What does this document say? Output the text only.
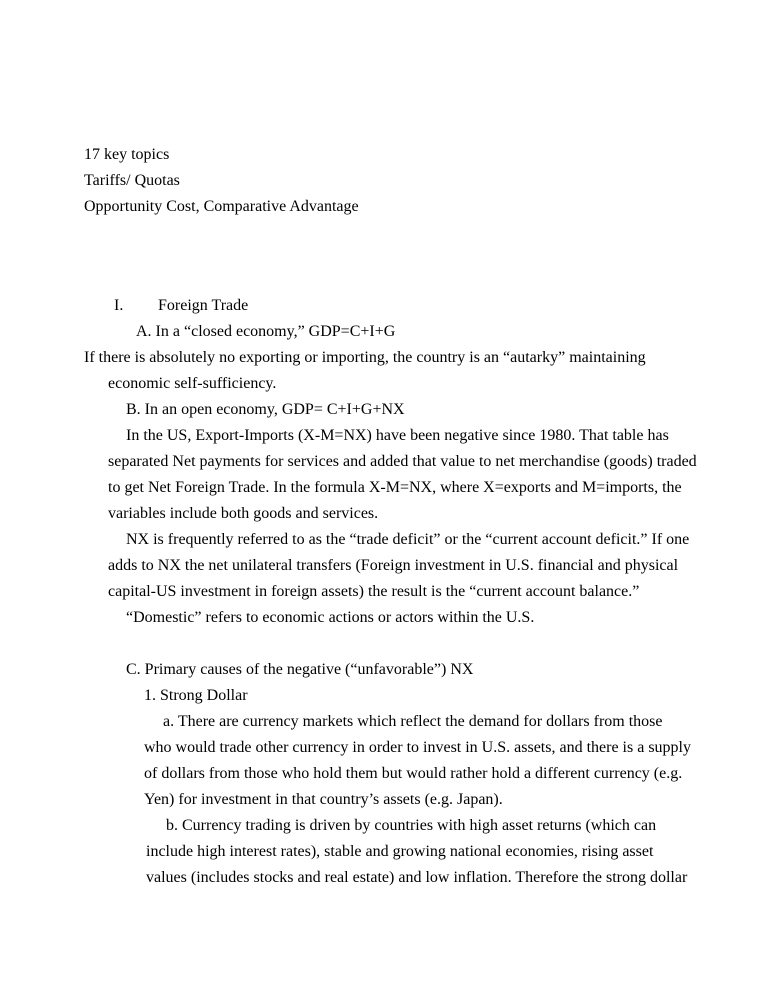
17 key topics
Tariffs/ Quotas
Opportunity Cost, Comparative Advantage
I. Foreign Trade
A. In a “closed economy,” GDP=C+I+G
If there is absolutely no exporting or importing, the country is an “autarky” maintaining
economic self-sufficiency.
B. In an open economy, GDP= C+I+G+NX
In the US, Export-Imports (X-M=NX) have been negative since 1980. That table has
separated Net payments for services and added that value to net merchandise (goods) traded
to get Net Foreign Trade. In the formula X-M=NX, where X=exports and M=imports, the
variables include both goods and services.
NX is frequently referred to as the “trade deficit” or the “current account deficit.” If one
adds to NX the net unilateral transfers (Foreign investment in U.S. financial and physical
capital-US investment in foreign assets) the result is the “current account balance.”
“Domestic” refers to economic actions or actors within the U.S.
C. Primary causes of the negative (“unfavorable”) NX
1. Strong Dollar
a. There are currency markets which reflect the demand for dollars from those
who would trade other currency in order to invest in U.S. assets, and there is a supply
of dollars from those who hold them but would rather hold a different currency (e.g.
Yen) for investment in that country’s assets (e.g. Japan).
b. Currency trading is driven by countries with high asset returns (which can
include high interest rates), stable and growing national economies, rising asset
values (includes stocks and real estate) and low inflation. Therefore the strong dollar
